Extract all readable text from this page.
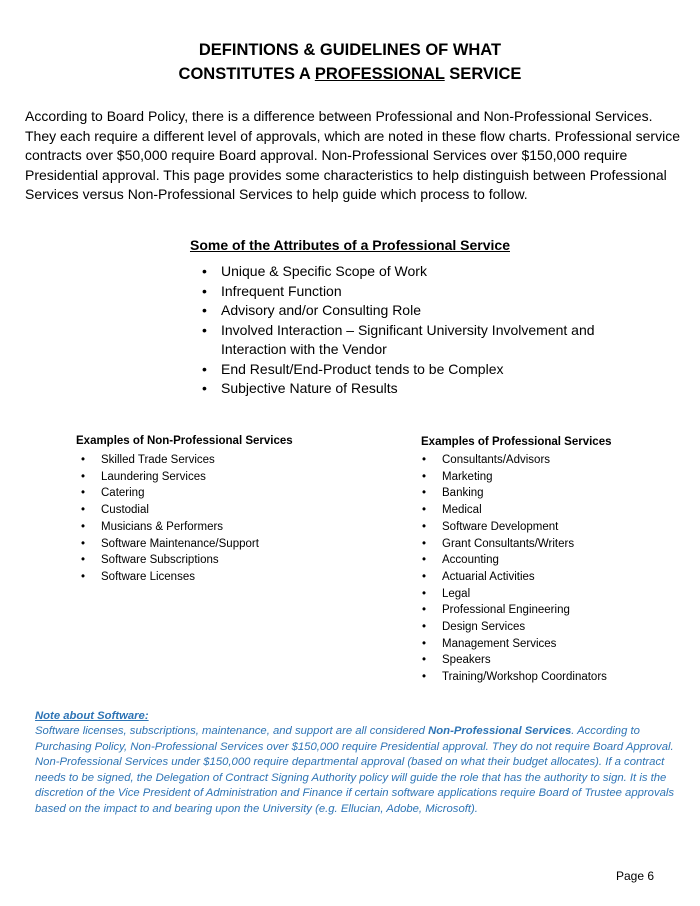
DEFINTIONS & GUIDELINES OF WHAT
CONSTITUTES A PROFESSIONAL SERVICE

According to Board Policy, there is a difference between Professional and Non-Professional Services. They each require a different level of approvals, which are noted in these flow charts. Professional service contracts over $50,000 require Board approval. Non-Professional Services over $150,000 require Presidential approval. This page provides some characteristics to help distinguish between Professional Services versus Non-Professional Services to help guide which process to follow.

Some of the Attributes of a Professional Service
• Unique & Specific Scope of Work
• Infrequent Function
• Advisory and/or Consulting Role
• Involved Interaction – Significant University Involvement and Interaction with the Vendor
• End Result/End-Product tends to be Complex
• Subjective Nature of Results
Examples of Non-Professional Services
• Skilled Trade Services
• Laundering Services
• Catering
• Custodial
• Musicians & Performers
• Software Maintenance/Support
• Software Subscriptions
• Software Licenses
Examples of Professional Services
• Consultants/Advisors
• Marketing
• Banking
• Medical
• Software Development
• Grant Consultants/Writers
• Accounting
• Actuarial Activities
• Legal
• Professional Engineering
• Design Services
• Management Services
• Speakers
• Training/Workshop Coordinators
Note about Software:

Software licenses, subscriptions, maintenance, and support are all considered Non-Professional Services. According to Purchasing Policy, Non-Professional Services over $150,000 require Presidential approval. They do not require Board Approval. Non-Professional Services under $150,000 require departmental approval (based on what their budget allocates). If a contract needs to be signed, the Delegation of Contract Signing Authority policy will guide the role that has the authority to sign. It is the discretion of the Vice President of Administration and Finance if certain software applications require Board of Trustee approvals based on the impact to and bearing upon the University (e.g. Ellucian, Adobe, Microsoft).

Page 6
